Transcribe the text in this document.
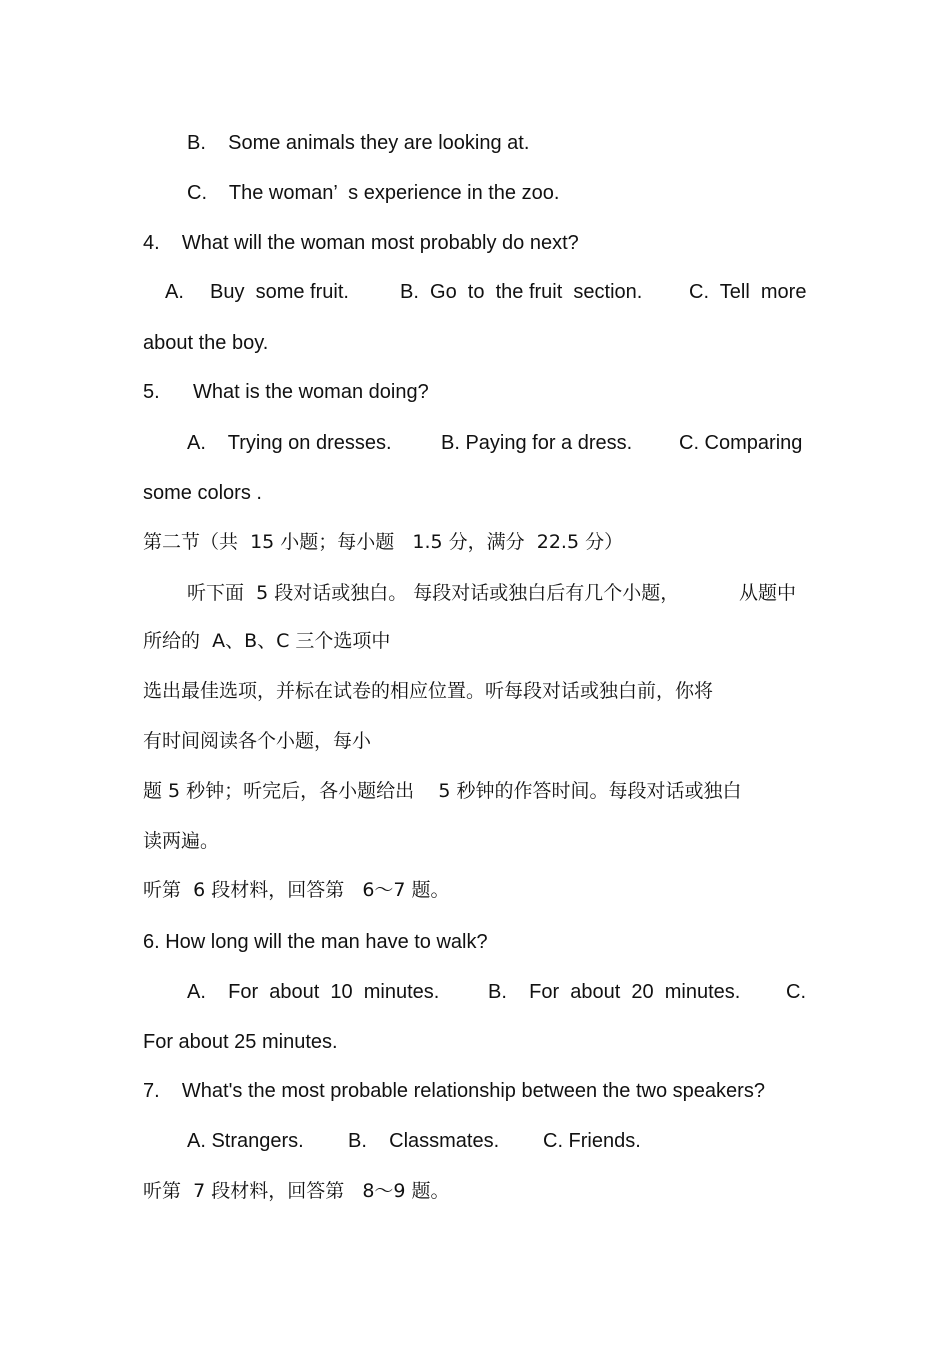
B.    Some animals they are looking at.
C.    The woman’  s experience in the zoo.
4.    What will the woman most probably do next?
A. Buy  some fruit.	B.  Go  to  the fruit  section. C.  Tell  more
about the boy.
5.      What is the woman doing?
A.    Trying on dresses. B. Paying for a dress. C. Comparing
some colors .
第二节（共  15 小题；每小题   1.5 分，满分  22.5 分）
听下面  5 段对话或独白。 每段对话或独白后有几个小题，	从题中
所给的  A、B、C 三个选项中
选出最佳选项，并标在试卷的相应位置。听每段对话或独白前，你将
有时间阅读各个小题，每小
题 5 秒钟；听完后，各小题给出    5 秒钟的作答时间。每段对话或独白
读两遍。
听第  6 段材料，回答第   6～7 题。
6. How long will the man have to walk?
A.    For  about  10  minutes. B.    For  about  20  minutes. C.
For about 25 minutes.
7.    What's the most probable relationship between the two speakers?
A. Strangers. B.    Classmates. C. Friends.
听第  7 段材料，回答第   8～9 题。
